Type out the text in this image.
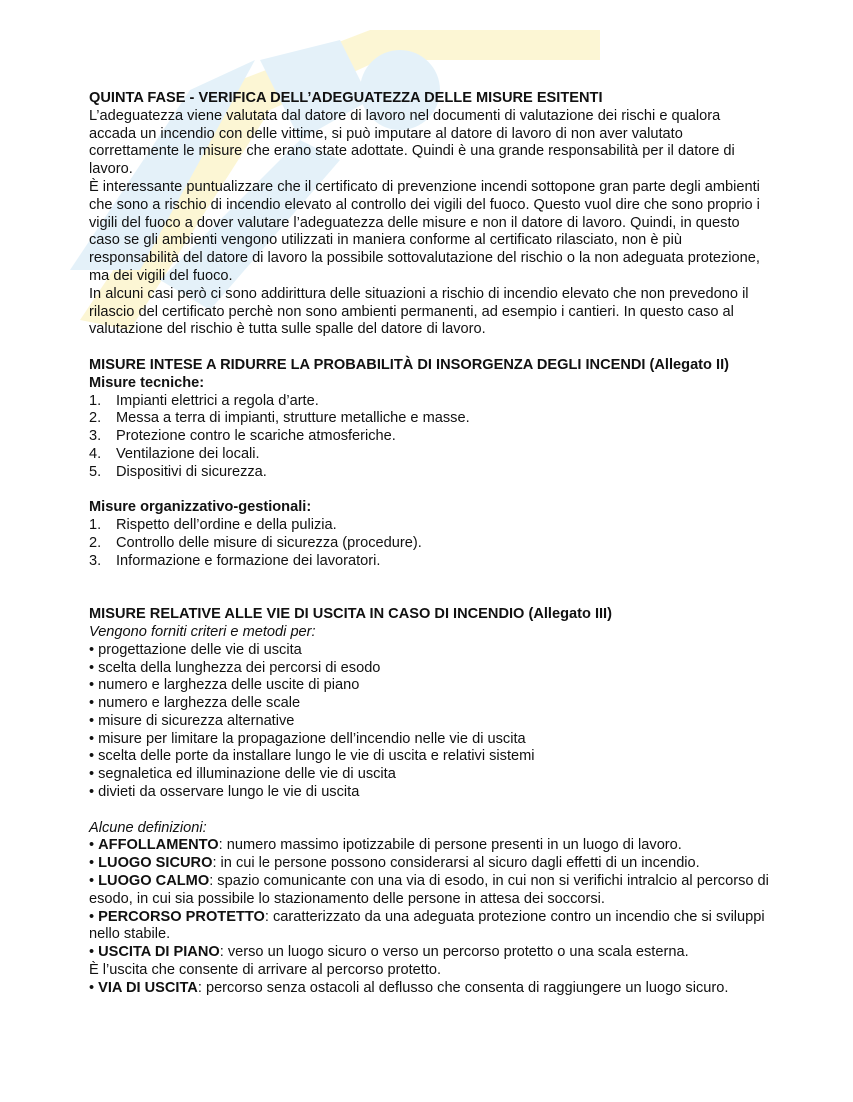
QUINTA FASE - VERIFICA DELL’ADEGUATEZZA DELLE MISURE ESITENTI

L’adeguatezza viene valutata dal datore di lavoro nel documenti di valutazione dei rischi e qualora accada un incendio con delle vittime, si può imputare al datore di lavoro di non aver valutato correttamente le misure che erano state adottate. Quindi è una grande responsabilità per il datore di lavoro.

È interessante puntualizzare che il certificato di prevenzione incendi sottopone gran parte degli ambienti che sono a rischio di incendio elevato al controllo dei vigili del fuoco. Questo vuol dire che sono proprio i vigili del fuoco a dover valutare l’adeguatezza delle misure e non il datore di lavoro. Quindi, in questo caso se gli ambienti vengono utilizzati in maniera conforme al certificato rilasciato, non è più responsabilità del datore di lavoro la possibile sottovalutazione del rischio o la non adeguata protezione, ma dei vigili del fuoco.

In alcuni casi però ci sono addirittura delle situazioni a rischio di incendio elevato che non prevedono il rilascio del certificato perchè non sono ambienti permanenti, ad esempio i cantieri. In questo caso al valutazione del rischio è tutta sulle spalle del datore di lavoro.

MISURE INTESE A RIDURRE LA PROBABILITÀ DI INSORGENZA DEGLI INCENDI (Allegato II)
Misure tecniche:
1.	Impianti elettrici a regola d’arte.
2.	Messa a terra di impianti, strutture metalliche e masse.
3.	Protezione contro le scariche atmosferiche.
4.	Ventilazione dei locali.
5.	Dispositivi di sicurezza.
Misure organizzativo-gestionali:
1.	Rispetto dell’ordine e della pulizia.
2.	Controllo delle misure di sicurezza (procedure).
3.	Informazione e formazione dei lavoratori.
MISURE RELATIVE ALLE VIE DI USCITA IN CASO DI INCENDIO (Allegato III)

Vengono forniti criteri e metodi per:

• progettazione delle vie di uscita
• scelta della lunghezza dei percorsi di esodo
• numero e larghezza delle uscite di piano
• numero e larghezza delle scale
• misure di sicurezza alternative
• misure per limitare la propagazione dell’incendio nelle vie di uscita
• scelta delle porte da installare lungo le vie di uscita e relativi sistemi
• segnaletica ed illuminazione delle vie di uscita
• divieti da osservare lungo le vie di uscita

Alcune definizioni:

• AFFOLLAMENTO: numero massimo ipotizzabile di persone presenti in un luogo di lavoro.
• LUOGO SICURO: in cui le persone possono considerarsi al sicuro dagli effetti di un incendio.
• LUOGO CALMO: spazio comunicante con una via di esodo, in cui non si verifichi intralcio al percorso di esodo, in cui sia possibile lo stazionamento delle persone in attesa dei soccorsi.
• PERCORSO PROTETTO: caratterizzato da una adeguata protezione contro un incendio che si sviluppi nello stabile.
• USCITA DI PIANO: verso un luogo sicuro o verso un percorso protetto o una scala esterna.

È l’uscita che consente di arrivare al percorso protetto.

• VIA DI USCITA: percorso senza ostacoli al deflusso che consenta di raggiungere un luogo sicuro.
